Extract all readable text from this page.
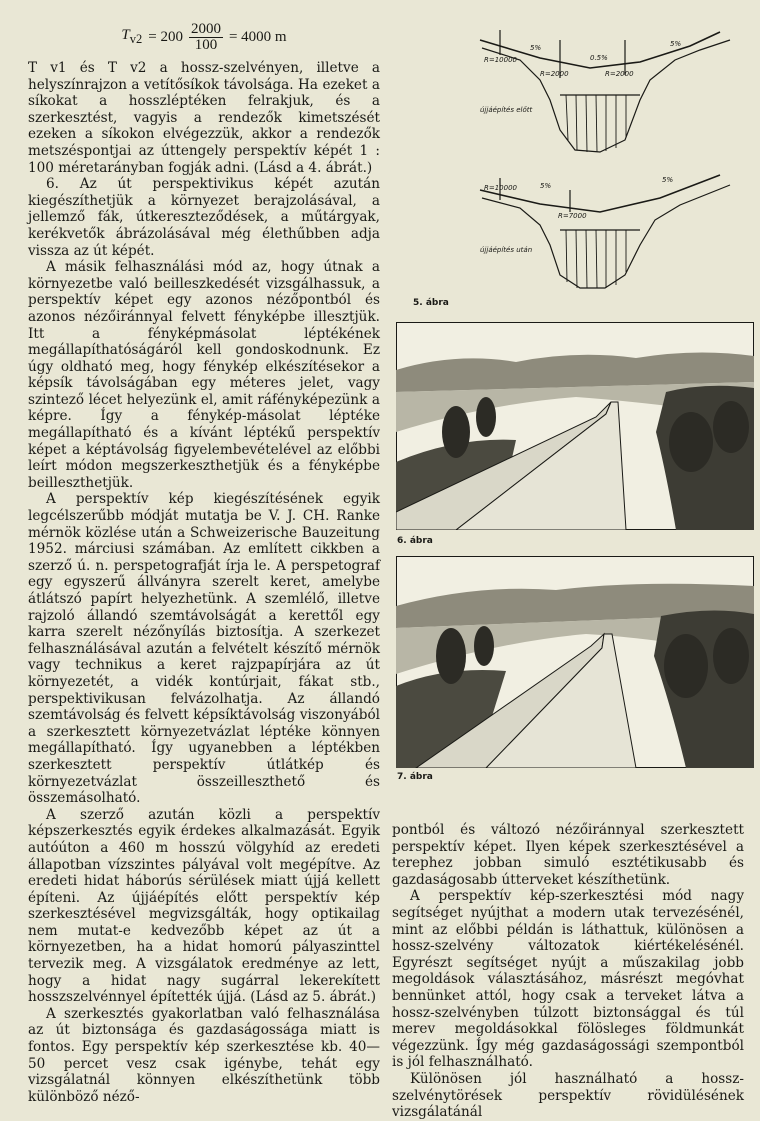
$T_{v2} = 200 \frac{2000}{100} = 4000$ m

T v1 és T v2 a hossz-szelvényen, illetve a helyszínrajzon a vetítősíkok távolsága. Ha ezeket a síkokat a hosszléptéken felrakjuk, és a szerkesztést, vagyis a rendezők kimetszését ezeken a síkokon elvégezzük, akkor a rendezők metszéspontjai az úttengely perspektív képét 1 : 100 méretarányban fogják adni. (Lásd a 4. ábrát.)

6. Az út perspektivikus képét azután kiegészíthetjük a környezet berajzolásával, a jellemző fák, útkereszteződések, a műtárgyak, kerékvetők ábrázolásával még élethűbben adja vissza az út képét.

A másik felhasználási mód az, hogy útnak a környezetbe való beilleszkedését vizsgálhassuk, a perspektív képet egy azonos nézőpontból és azonos nézőiránnyal felvett fényképbe illesztjük. Itt a fényképmásolat léptékének megállapíthatóságáról kell gondoskodnunk. Ez úgy oldható meg, hogy fénykép elkészítésekor a képsík távolságában egy méteres jelet, vagy szintező lécet helyezünk el, amit ráfényképezünk a képre. Így a fénykép-másolat léptéke megállapítható és a kívánt léptékű perspektív képet a képtávolság figyelembevételével az előbbi leírt módon megszerkeszthetjük és a fényképbe beilleszthetjük.

A perspektív kép kiegészítésének egyik legcélszerűbb módját mutatja be V. J. CH. Ranke mérnök közlése után a Schweizerische Bauzeitung 1952. márciusi számában. Az említett cikkben a szerző ú. n. perspetografját írja le. A perspetograf egy egyszerű állványra szerelt keret, amelybe átlátszó papírt helyezhetünk. A szemlélő, illetve rajzoló állandó szemtávolságát a kerettől egy karra szerelt nézőnyílás biztosítja. A szerkezet felhasználásával azután a felvételt készítő mérnök vagy technikus a keret rajzpapírjára az út környezetét, a vidék kontúrjait, fákat stb., perspektivikusan felvázolhatja. Az állandó szemtávolság és felvett képsíktávolság viszonyából a szerkesztett környezetvázlat léptéke könnyen megállapítható. Így ugyanebben a léptékben szerkesztett perspektív útlátkép és környezetvázlat összeilleszthető és összemásolható.

A szerző azután közli a perspektív képszerkesztés egyik érdekes alkalmazását. Egyik autóúton a 460 m hosszú völgyhíd az eredeti állapotban vízszintes pályával volt megépítve. Az eredeti hidat háborús sérülések miatt újjá kellett építeni. Az újjáépítés előtt perspektív kép szerkesztésével megvizsgálták, hogy optikailag nem mutat-e kedvezőbb képet az út a környezetben, ha a hidat homorú pályaszinttel tervezik meg. A vizsgálatok eredménye az lett, hogy a hidat nagy sugárral lekerekített hosszszelvénnyel építették újjá. (Lásd az 5. ábrát.)

A szerkesztés gyakorlatban való felhasználása az út biztonsága és gazdaságossága miatt is fontos. Egy perspektív kép szerkesztése kb. 40—50 percet vesz csak igénybe, tehát egy vizsgálatnál könnyen elkészíthetünk több különböző néző-

R=10000
R=2000	R=2000
5%
0.5%
5%
újjáépítés előtt
R=10000
R=7000
5%
5%
újjáépítés után
5. ábra
6. ábra
7. ábra

pontból és változó nézőiránnyal szerkesztett perspektív képet. Ilyen képek szerkesztésével a terephez jobban simuló esztétikusabb és gazdaságosabb útterveket készíthetünk.

A perspektív kép-szerkesztési mód nagy segítséget nyújthat a modern utak tervezésénél, mint az előbbi példán is láthattuk, különösen a hossz-szelvény változatok kiértékelésénél. Egyrészt segítséget nyújt a műszakilag jobb megoldások választásához, másrészt megóvhat bennünket attól, hogy csak a terveket látva a hossz-szelvényben túlzott biztonsággal és túl merev megoldásokkal fölösleges földmunkát végezzünk. Így még gazdaságossági szempontból is jól felhasználható.

Különösen jól használható a hossz-szelvénytörések perspektív rövidülésének vizsgálatánál
